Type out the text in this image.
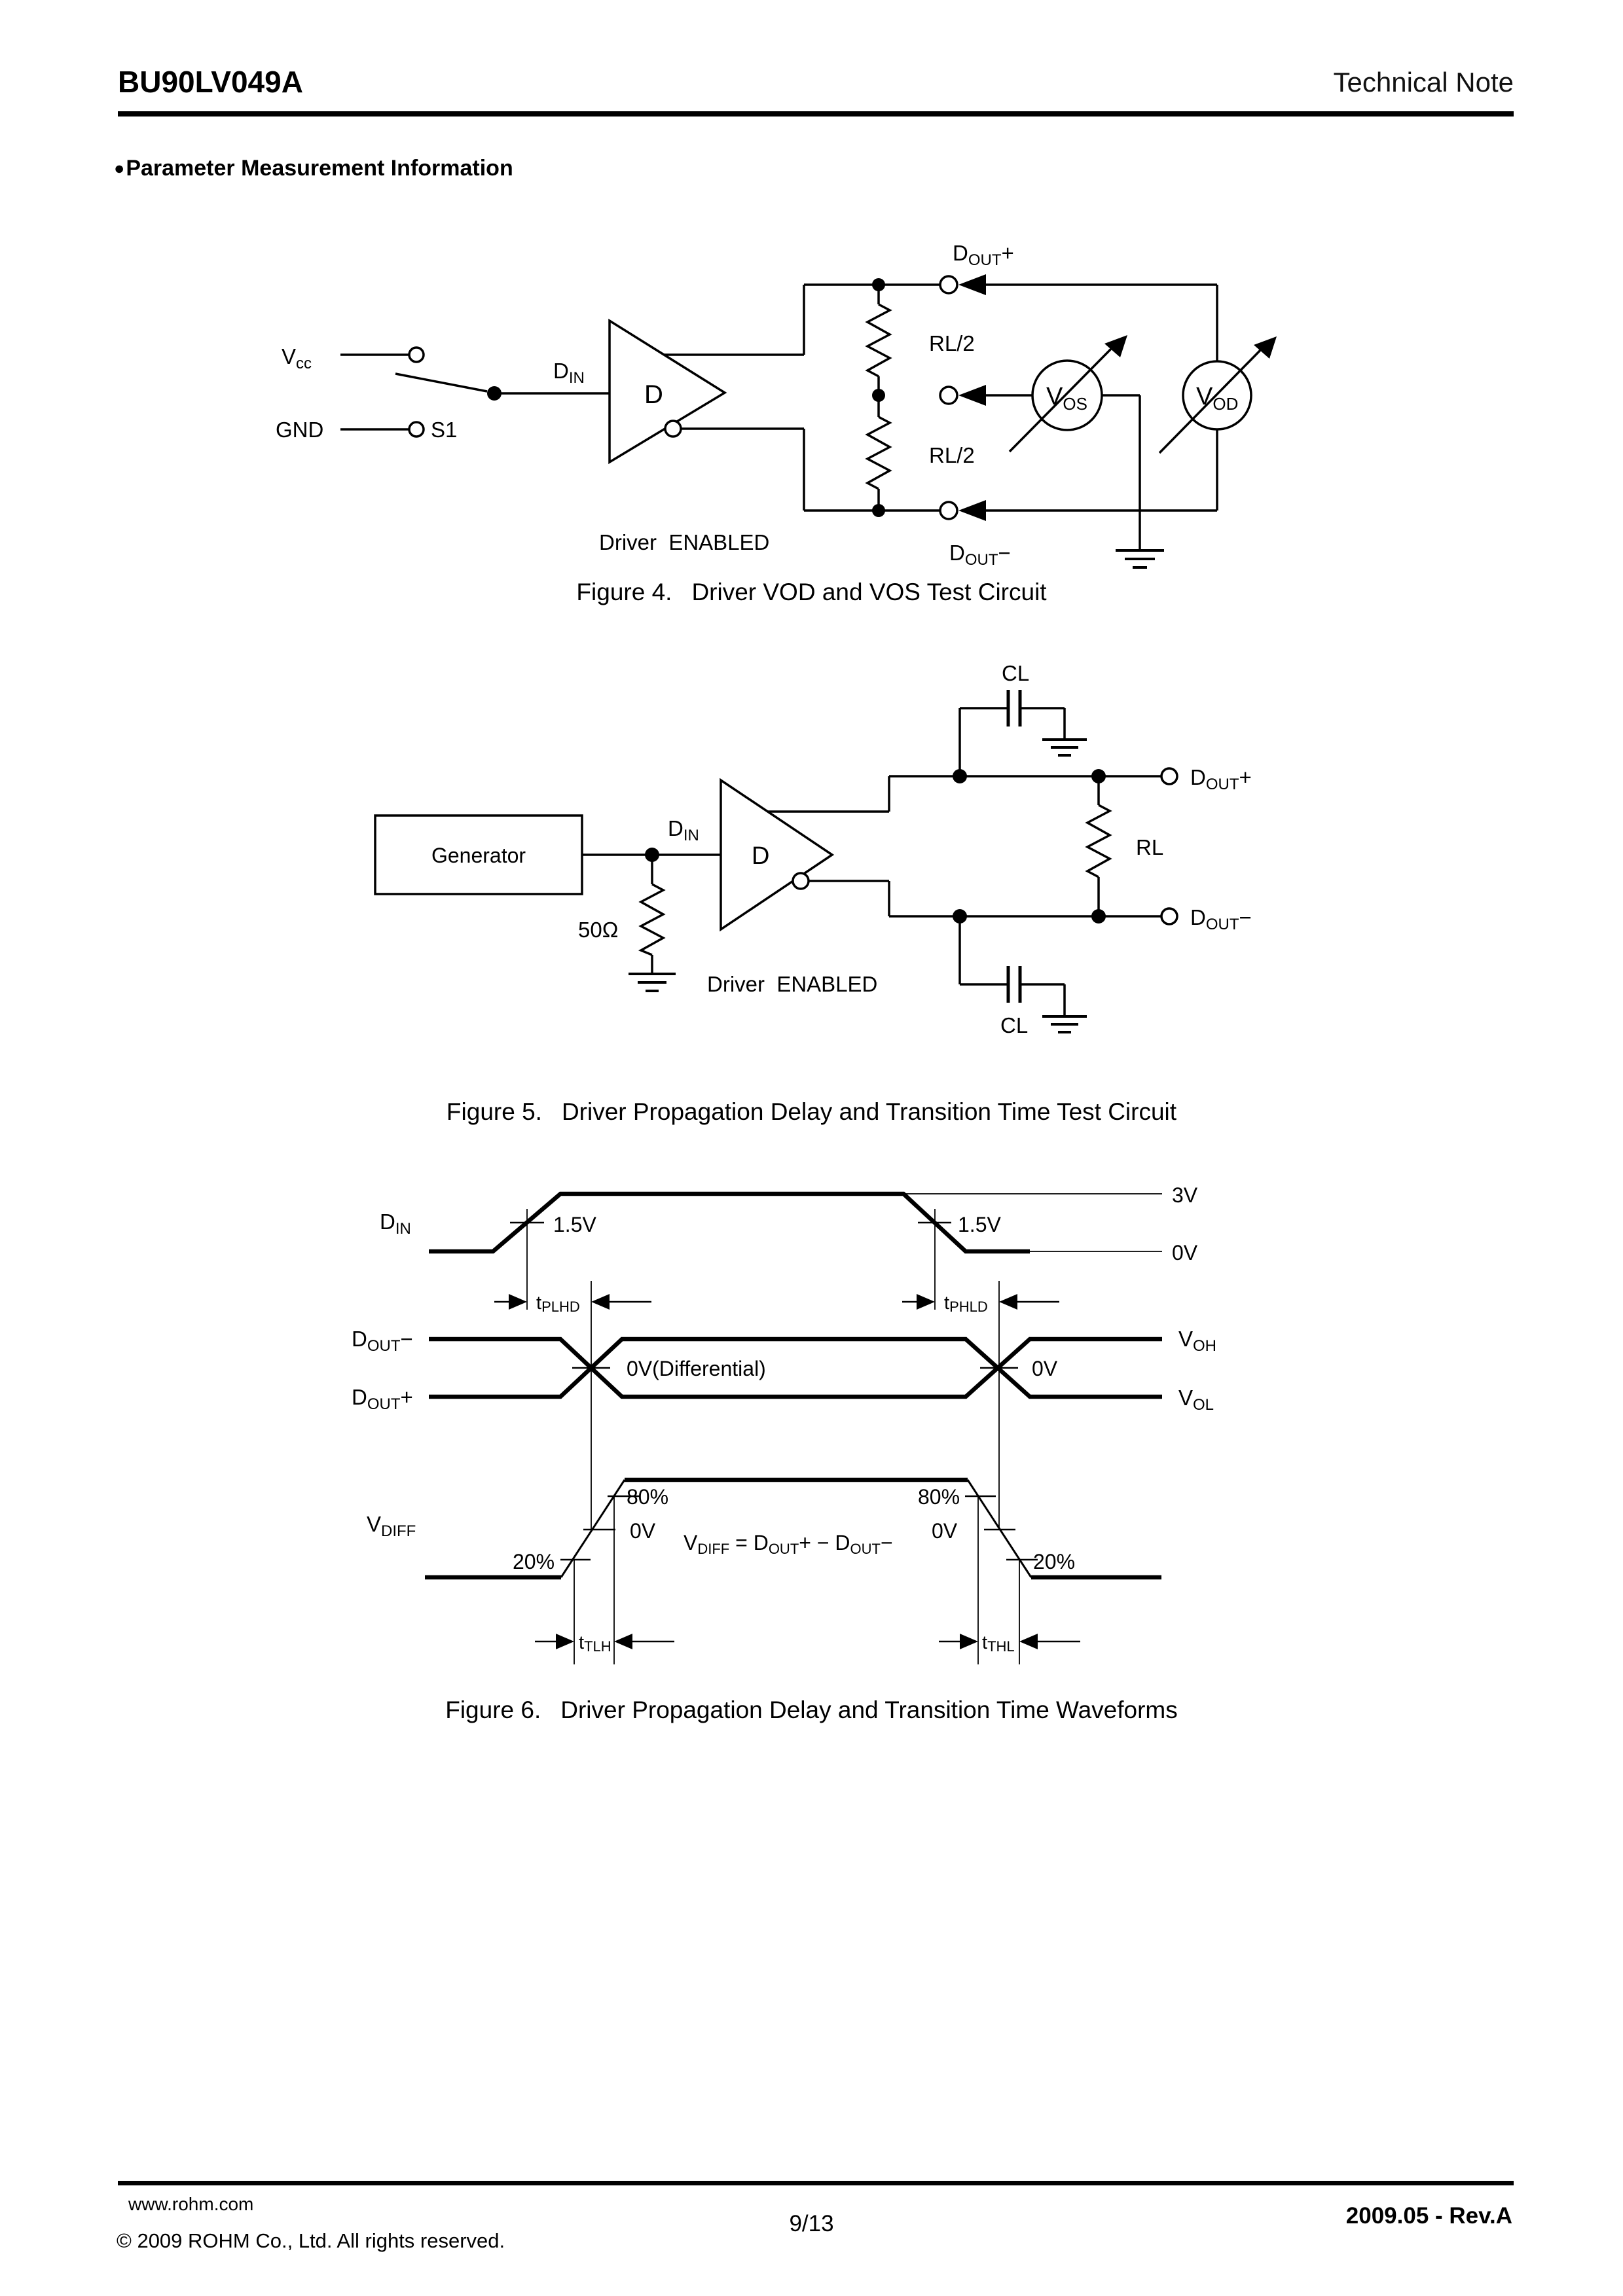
BU90LV049A	Technical Note
● Parameter Measurement Information
$V_{cc}$
GND	S1
$D_{IN}$
D
RL/2
RL/2
$D_{OUT}+$
$V_{OS}$
$D_{OUT}-$
$V_{OD}$
Driver  ENABLED
Figure 4. Driver VOD and VOS Test Circuit
Generator
$D_{IN}$
50Ω
D
$D_{OUT}+$
$D_{OUT}-$
RL
CL
CL
Driver  ENABLED
Figure 5. Driver Propagation Delay and Transition Time Test Circuit
$D_{IN}$	1.5V	1.5V
3V
0V
tPLHD	tPHLD
$D_{OUT}-$
$D_{OUT}+$
0V(Differential)	0V
$V_{OH}$
$V_{OL}$
$V_{DIFF}$
20%
0V
80%	80%
0V
20%
VDIFF = DOUT+ − DOUT−
tTLH	tTHL
Figure 6. Driver Propagation Delay and Transition Time Waveforms
www.rohm.com
© 2009 ROHM Co., Ltd. All rights reserved.
9/13	2009.05 - Rev.A
